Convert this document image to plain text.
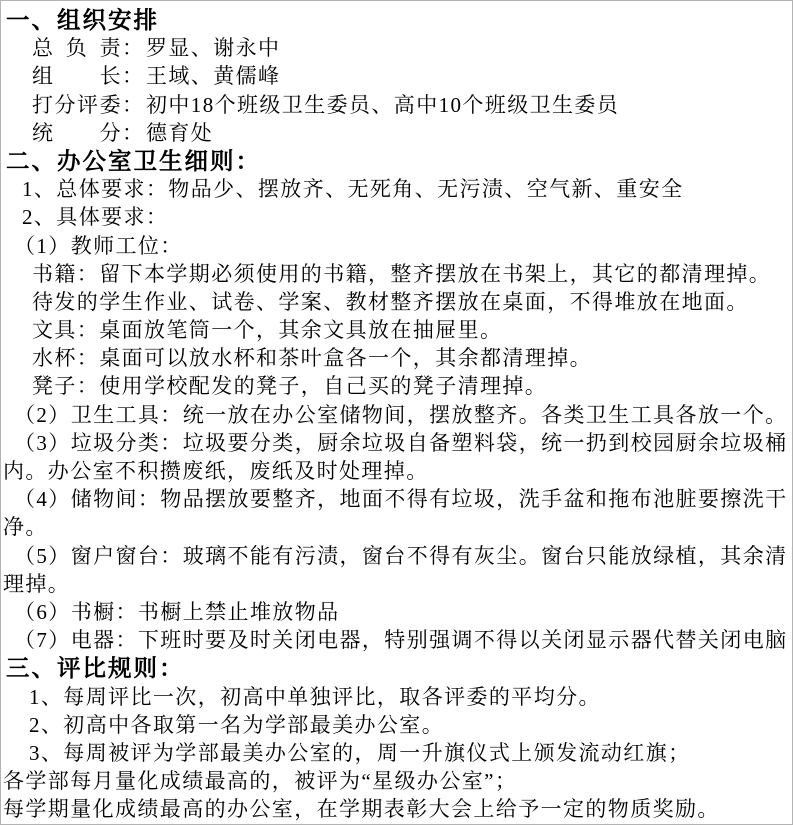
一、组织安排
总负责：罗显、谢永中
组长：王域、黄儒峰
打分评委：初中18个班级卫生委员、高中10个班级卫生委员
统分：德育处
二、办公室卫生细则：
1、总体要求：物品少、摆放齐、无死角、无污渍、空气新、重安全
2、具体要求：
（1）教师工位：
书籍：留下本学期必须使用的书籍，整齐摆放在书架上，其它的都清理掉。
待发的学生作业、试卷、学案、教材整齐摆放在桌面，不得堆放在地面。
文具：桌面放笔筒一个，其余文具放在抽屉里。
水杯：桌面可以放水杯和茶叶盒各一个，其余都清理掉。
凳子：使用学校配发的凳子，自己买的凳子清理掉。
（2）卫生工具：统一放在办公室储物间，摆放整齐。各类卫生工具各放一个。
（3）垃圾分类：垃圾要分类，厨余垃圾自备塑料袋，统一扔到校园厨余垃圾桶
内。办公室不积攒废纸，废纸及时处理掉。
（4）储物间：物品摆放要整齐，地面不得有垃圾，洗手盆和拖布池脏要擦洗干
净。
（5）窗户窗台：玻璃不能有污渍，窗台不得有灰尘。窗台只能放绿植，其余清
理掉。
（6）书橱：书橱上禁止堆放物品
（7）电器：下班时要及时关闭电器，特别强调不得以关闭显示器代替关闭电脑
三、评比规则：
1、每周评比一次，初高中单独评比，取各评委的平均分。
2、初高中各取第一名为学部最美办公室。
3、每周被评为学部最美办公室的，周一升旗仪式上颁发流动红旗；
各学部每月量化成绩最高的，被评为“星级办公室”；
每学期量化成绩最高的办公室，在学期表彰大会上给予一定的物质奖励。
